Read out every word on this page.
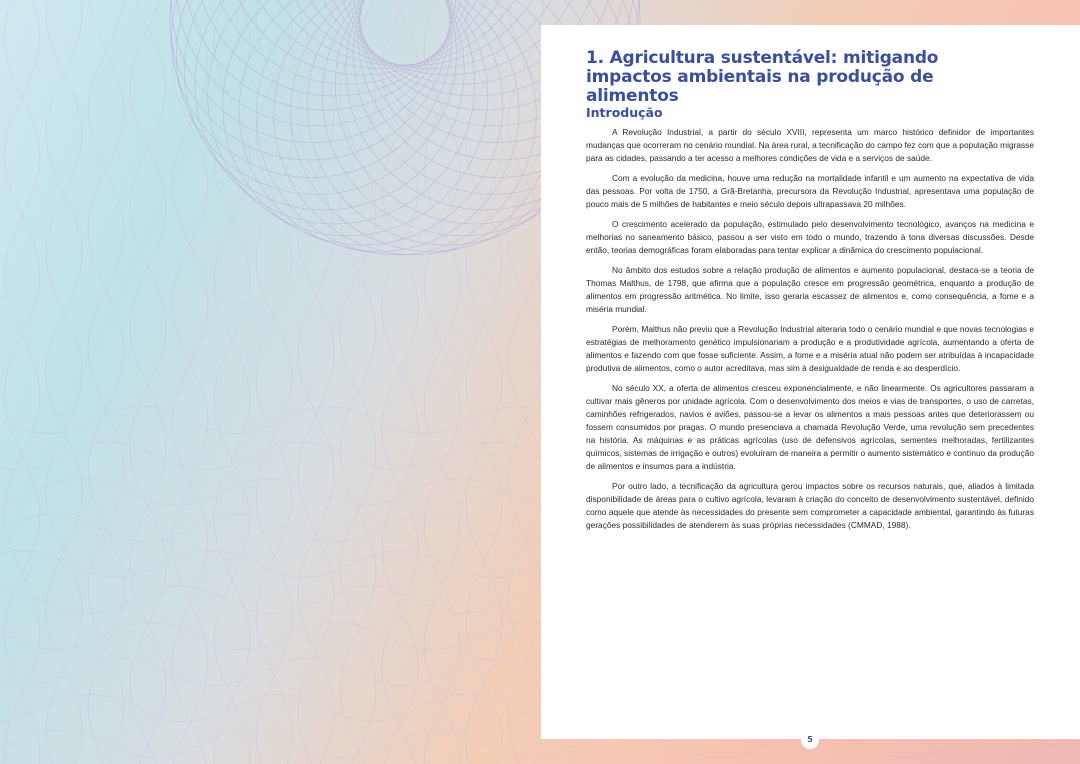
1. Agricultura sustentável: mitigando impactos ambientais na produção de alimentos
Introdução

A Revolução Industrial, a partir do século XVIII, representa um marco histórico definidor de importantes mudanças que ocorreram no cenário mundial. Na área rural, a tecnificação do campo fez com que a população migrasse para as cidades, passando a ter acesso a melhores condições de vida e a serviços de saúde.

Com a evolução da medicina, houve uma redução na mortalidade infantil e um aumento na expectativa de vida das pessoas. Por volta de 1750, a Grã-Bretanha, precursora da Revolução Industrial, apresentava uma população de pouco mais de 5 milhões de habitantes e meio século depois ultrapassava 20 milhões.

O crescimento acelerado da população, estimulado pelo desenvolvimento tecnológico, avanços na medicina e melhorias no saneamento básico, passou a ser visto em todo o mundo, trazendo à tona diversas discussões. Desde então, teorias demográficas foram elaboradas para tentar explicar a dinâmica do crescimento populacional.

No âmbito dos estudos sobre a relação produção de alimentos e aumento populacional, destaca-se a teoria de Thomas Malthus, de 1798, que afirma que a população cresce em progressão geométrica, enquanto a produção de alimentos em progressão aritmética. No limite, isso geraria escassez de alimentos e, como consequência, a fome e a miséria mundial.

Porém, Malthus não previu que a Revolução Industrial alteraria todo o cenário mundial e que novas tecnologias e estratégias de melhoramento genético impulsionariam a produção e a produtividade agrícola, aumentando a oferta de alimentos e fazendo com que fosse suficiente. Assim, a fome e a miséria atual não podem ser atribuídas à incapacidade produtiva de alimentos, como o autor acreditava, mas sim à desigualdade de renda e ao desperdício.

No século XX, a oferta de alimentos cresceu exponencialmente, e não linearmente. Os agricultores passaram a cultivar mais gêneros por unidade agrícola. Com o desenvolvimento dos meios e vias de transportes, o uso de carretas, caminhões refrigerados, navios e aviões, passou-se a levar os alimentos a mais pessoas antes que deteriorassem ou fossem consumidos por pragas. O mundo presenciava a chamada Revolução Verde, uma revolução sem precedentes na história. As máquinas e as práticas agrícolas (uso de defensivos agrícolas, sementes melhoradas, fertilizantes químicos, sistemas de irrigação e outros) evoluíram de maneira a permitir o aumento sistemático e contínuo da produção de alimentos e insumos para a indústria.

Por outro lado, a tecnificação da agricultura gerou impactos sobre os recursos naturais, que, aliados à limitada disponibilidade de áreas para o cultivo agrícola, levaram à criação do conceito de desenvolvimento sustentável, definido como aquele que atende às necessidades do presente sem comprometer a capacidade ambiental, garantindo às futuras gerações possibilidades de atenderem às suas próprias necessidades (CMMAD, 1988).

5
